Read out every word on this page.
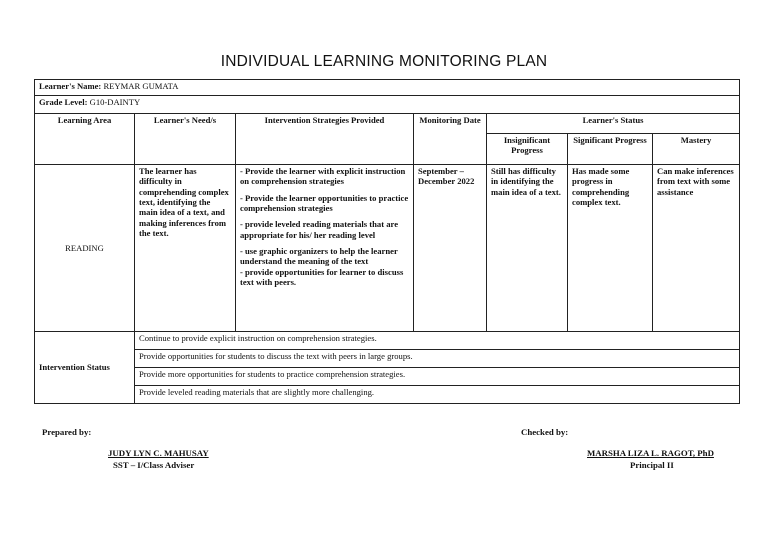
INDIVIDUAL LEARNING MONITORING PLAN
Learner's Name: REYMAR GUMATA						
Grade Level: G10-DAINTY						
Learning Area	Learner's Need/s	Intervention Strategies Provided	Monitoring Date	Learner's Status		
				Insignificant Progress	Significant Progress	Mastery
READING	The learner has difficulty in comprehending complex text, identifying the main idea of a text, and making inferences from the text.	- Provide the learner with explicit instruction on comprehension strategies

- Provide the learner opportunities to practice comprehension strategies

- provide leveled reading materials that are appropriate for his/ her reading level

- use graphic organizers to help the learner understand the meaning of the text

- provide opportunities for learner to discuss text with peers.	September – December 2022	Still has difficulty in identifying the main idea of a text.	Has made some progress in comprehending complex text.	Can make inferences from text with some assistance
Intervention Status	Continue to provide explicit instruction on comprehension strategies.					
	Provide opportunities for students to discuss the text with peers in large groups.					
	Provide more opportunities for students to practice comprehension strategies.					
	Provide leveled reading materials that are slightly more challenging.					
Prepared by:
JUDY LYN C. MAHUSAY
SST – I/Class Adviser
Checked by:
MARSHA LIZA L. RAGOT, PhD
Principal II
